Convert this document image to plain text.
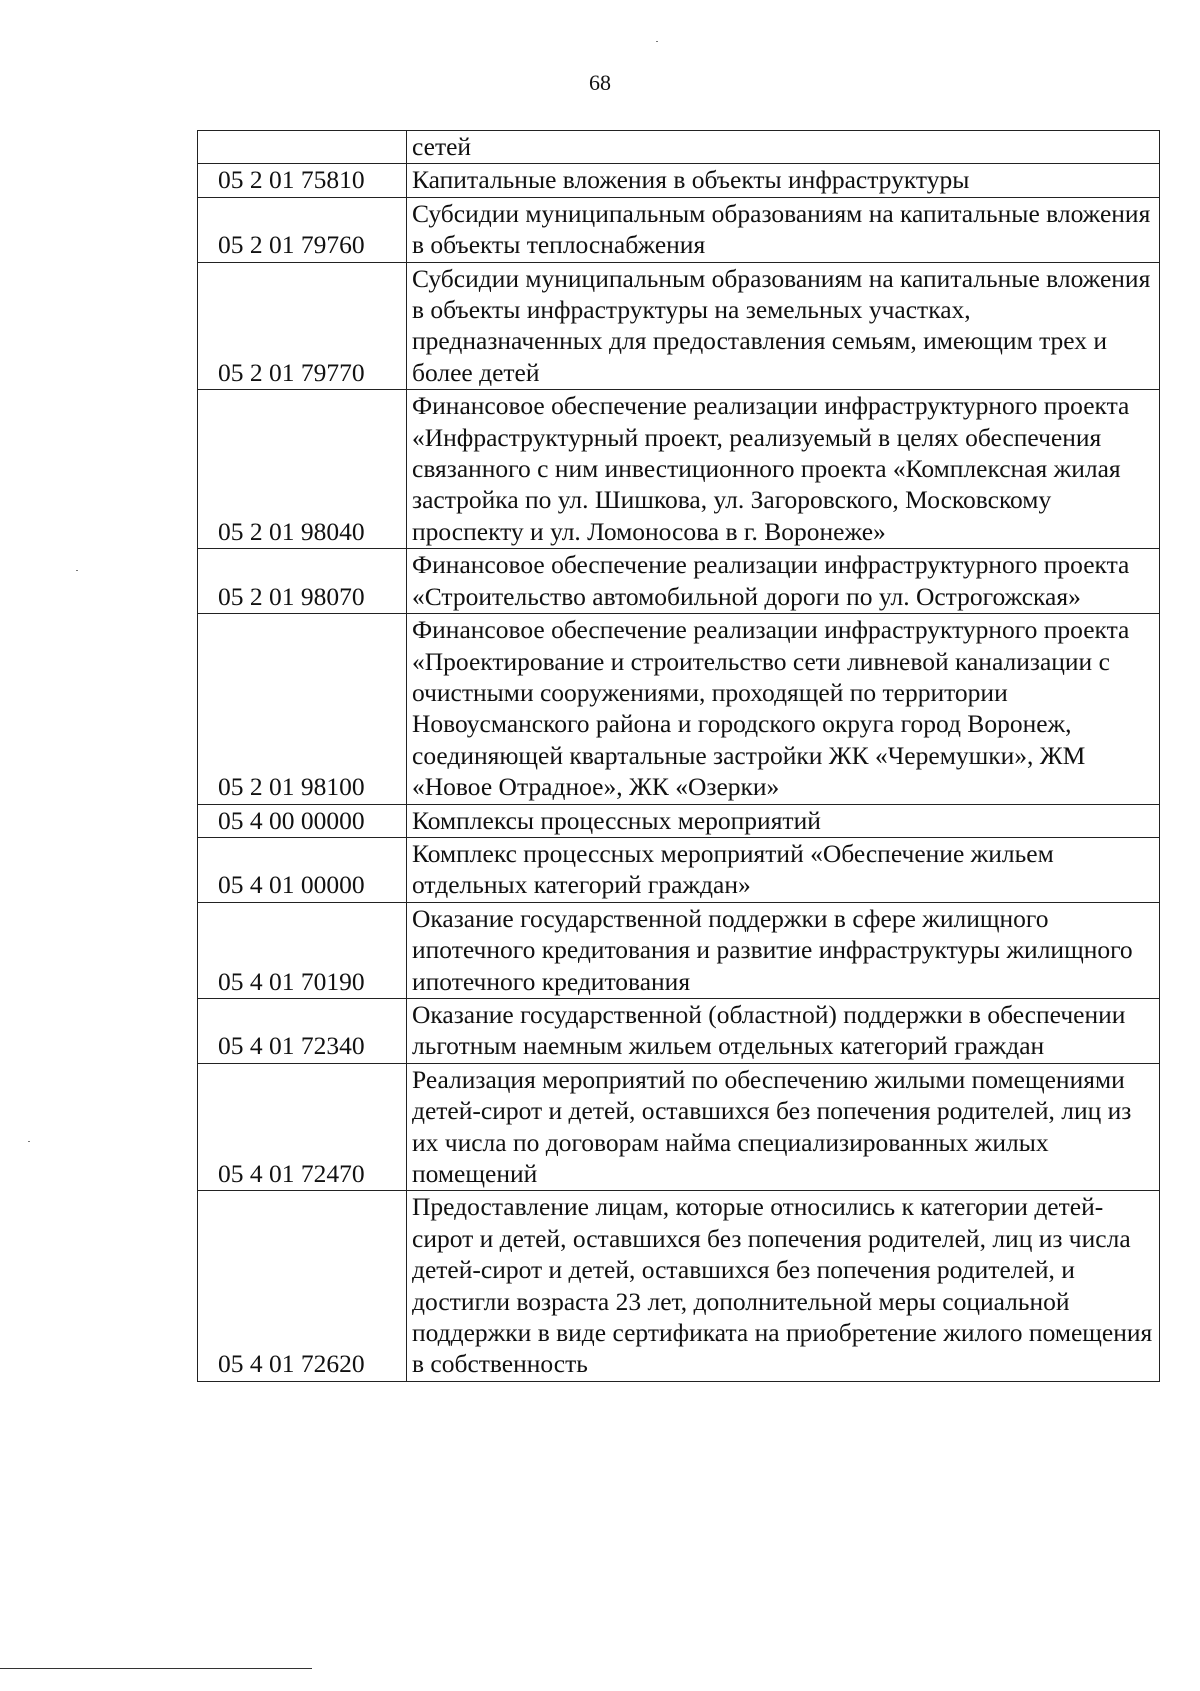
68
	сетей
05 2 01 75810	Капитальные вложения в объекты инфраструктуры
05 2 01 79760	Субсидии муниципальным образованиям на капитальные вложения в объекты теплоснабжения
05 2 01 79770	Субсидии муниципальным образованиям на капитальные вложения в объекты инфраструктуры на земельных участках, предназначенных для предоставления семьям, имеющим трех и более детей
05 2 01 98040	Финансовое обеспечение реализации инфраструктурного проекта «Инфраструктурный проект, реализуемый в целях обеспечения связанного с ним инвестиционного проекта «Комплексная жилая застройка по ул. Шишкова, ул. Загоровского, Московскому проспекту и ул. Ломоносова в г. Воронеже»
05 2 01 98070	Финансовое обеспечение реализации инфраструктурного проекта «Строительство автомобильной дороги по ул. Острогожская»
05 2 01 98100	Финансовое обеспечение реализации инфраструктурного проекта «Проектирование и строительство сети ливневой канализации с очистными сооружениями, проходящей по территории Новоусманского района и городского округа город Воронеж, соединяющей квартальные застройки ЖК «Черемушки», ЖМ «Новое Отрадное», ЖК «Озерки»
05 4 00 00000	Комплексы процессных мероприятий
05 4 01 00000	Комплекс процессных мероприятий «Обеспечение жильем отдельных категорий граждан»
05 4 01 70190	Оказание государственной поддержки в сфере жилищного ипотечного кредитования и развитие инфраструктуры жилищного ипотечного кредитования
05 4 01 72340	Оказание государственной (областной) поддержки в обеспечении льготным наемным жильем отдельных категорий граждан
05 4 01 72470	Реализация мероприятий по обеспечению жилыми помещениями детей-сирот и детей, оставшихся без попечения родителей, лиц из их числа по договорам найма специализированных жилых помещений
05 4 01 72620	Предоставление лицам, которые относились к категории детей-сирот и детей, оставшихся без попечения родителей, лиц из числа детей-сирот и детей, оставшихся без попечения родителей, и достигли возраста 23 лет, дополнительной меры социальной поддержки в виде сертификата на приобретение жилого помещения в собственность
